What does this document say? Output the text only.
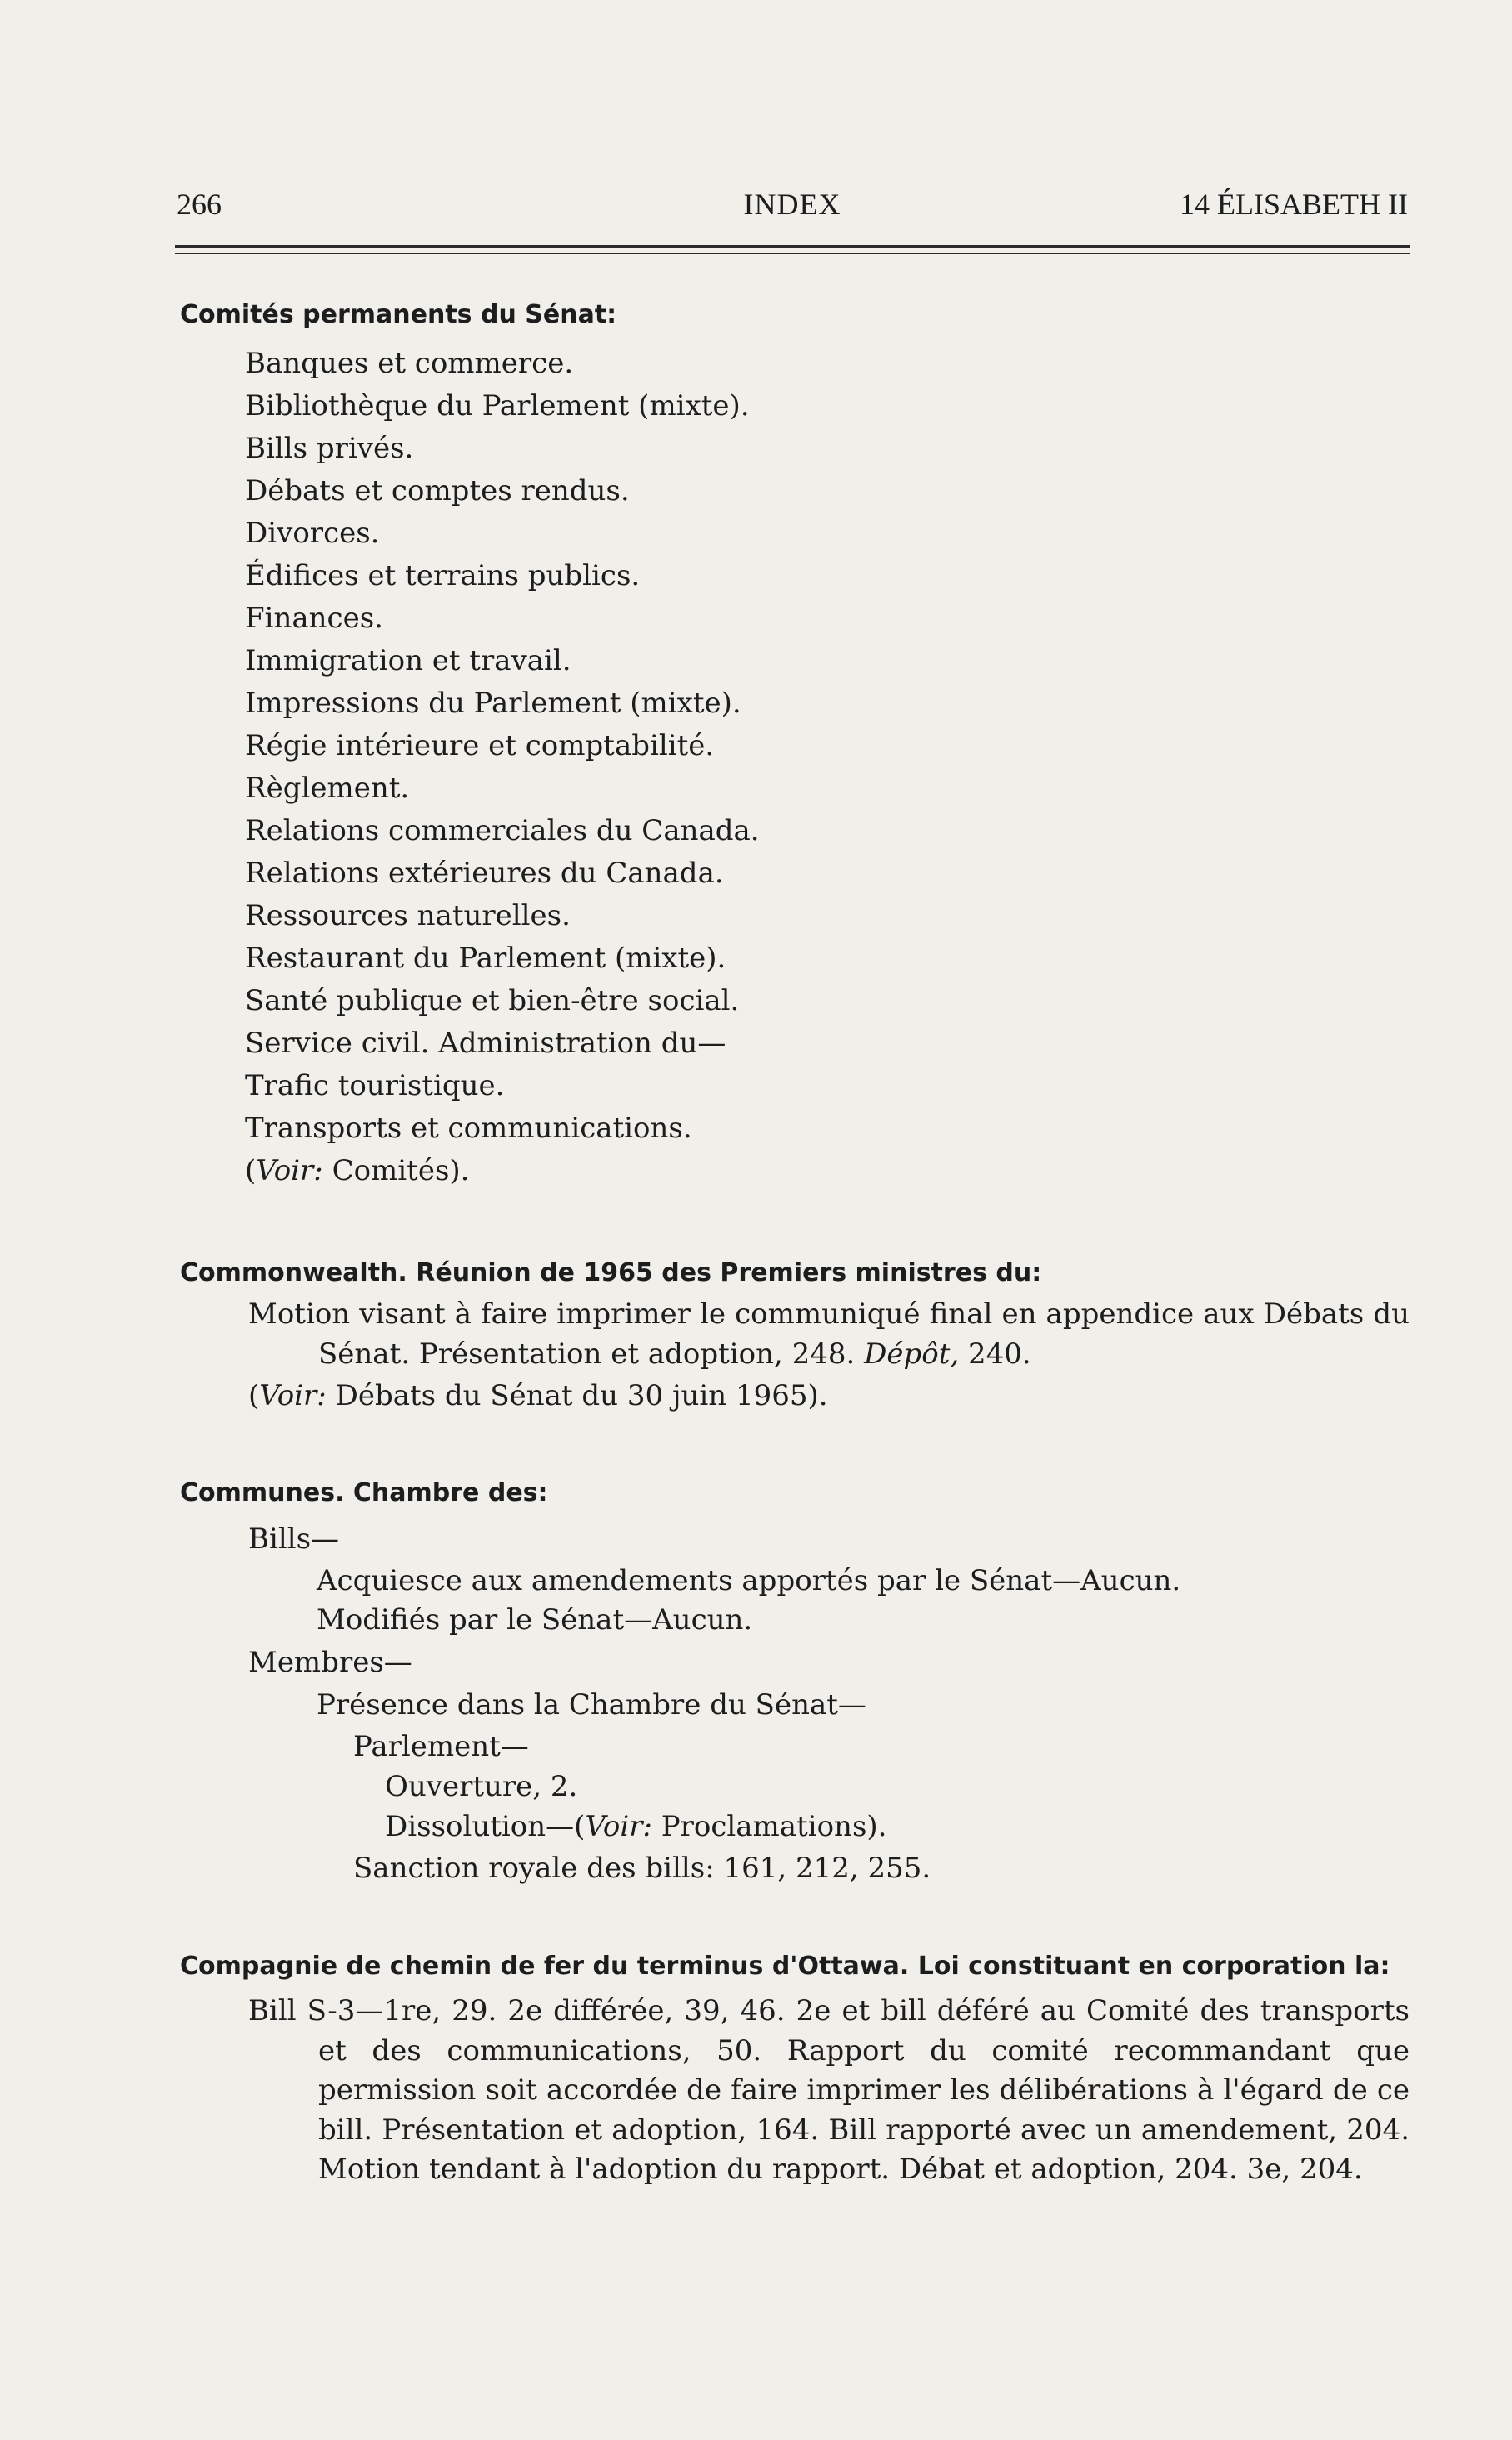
INDEX
266	14 ÉLISABETH II
Comités permanents du Sénat:
Banques et commerce.
Bibliothèque du Parlement (mixte).
Bills privés.
Débats et comptes rendus.
Divorces.
Édifices et terrains publics.
Finances.
Immigration et travail.
Impressions du Parlement (mixte).
Régie intérieure et comptabilité.
Règlement.
Relations commerciales du Canada.
Relations extérieures du Canada.
Ressources naturelles.
Restaurant du Parlement (mixte).
Santé publique et bien-être social.
Service civil. Administration du—
Trafic touristique.
Transports et communications.
(Voir: Comités).
Commonwealth. Réunion de 1965 des Premiers ministres du:
Motion visant à faire imprimer le communiqué final en appendice aux Débats du Sénat. Présentation et adoption, 248. Dépôt, 240.
(Voir: Débats du Sénat du 30 juin 1965).
Communes. Chambre des:
Bills—
Acquiesce aux amendements apportés par le Sénat—Aucun.
Modifiés par le Sénat—Aucun.
Membres—
Présence dans la Chambre du Sénat—
Parlement—
Ouverture, 2.
Dissolution—(Voir: Proclamations).
Sanction royale des bills: 161, 212, 255.
Compagnie de chemin de fer du terminus d'Ottawa. Loi constituant en corporation la:
Bill S-3—1re, 29. 2e différée, 39, 46. 2e et bill déféré au Comité des transports et des communications, 50. Rapport du comité recommandant que permission soit accordée de faire imprimer les délibérations à l'égard de ce bill. Présentation et adoption, 164. Bill rapporté avec un amendement, 204. Motion tendant à l'adoption du rapport. Débat et adoption, 204. 3e, 204.
